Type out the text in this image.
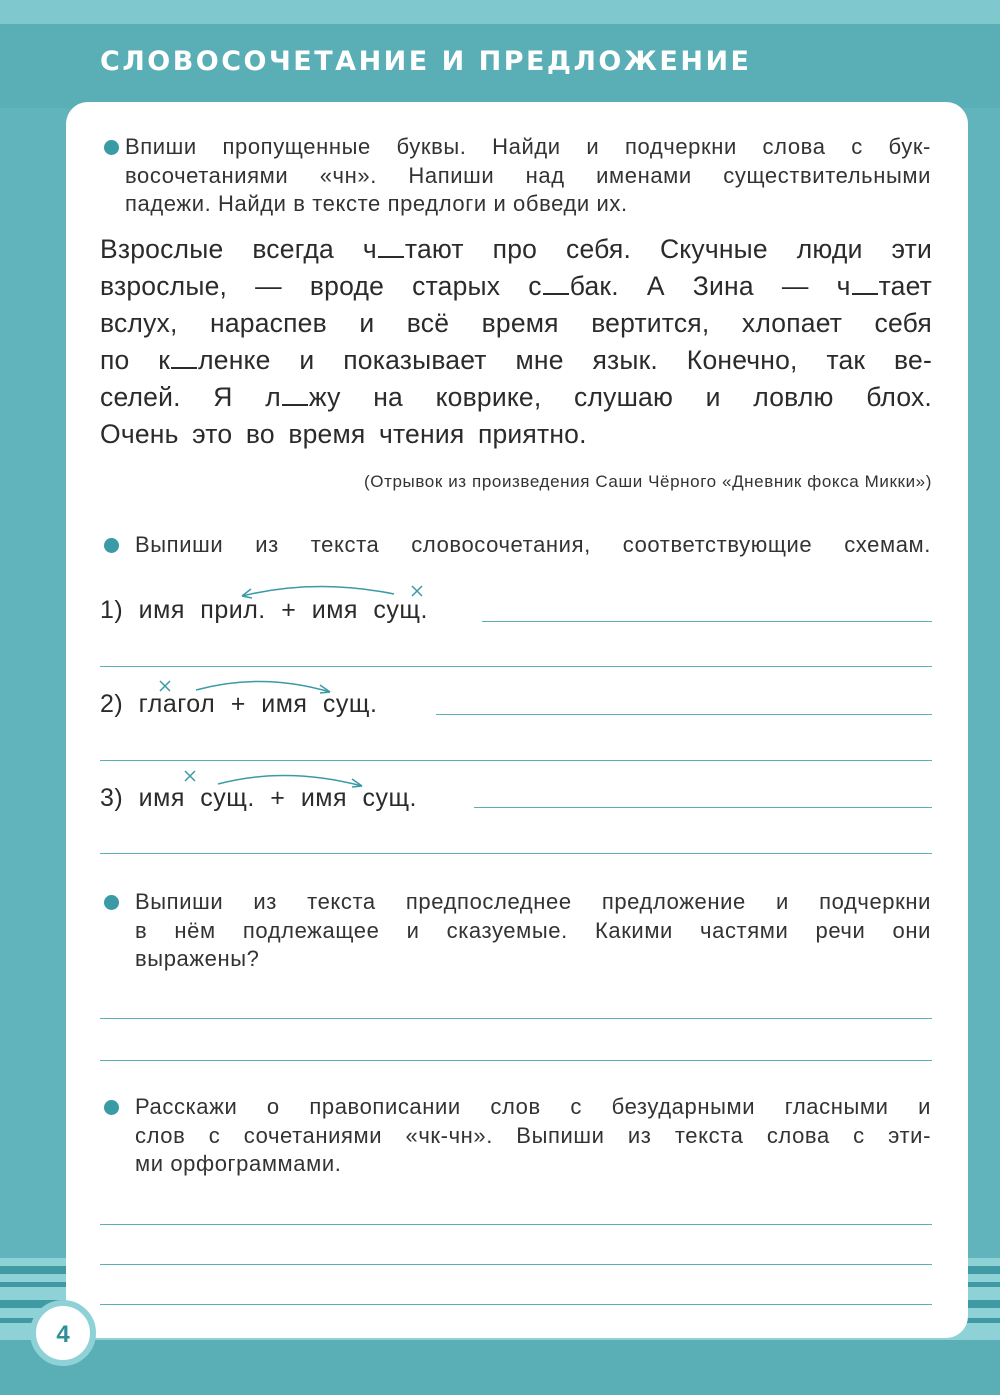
СЛОВОСОЧЕТАНИЕ И ПРЕДЛОЖЕНИЕ
Впиши пропущенные буквы. Найди и подчеркни слова с бук-
восочетаниями «чн». Напиши над именами существительными
падежи. Найди в тексте предлоги и обведи их.
Взрослые всегда ч тают про себя. Скучные люди эти
взрослые, — вроде старых с бак. А Зина — ч тает
вслух, нараспев и всё время вертится, хлопает себя
по к ленке и показывает мне язык. Конечно, так ве-
селей. Я л жу на коврике, слушаю и ловлю блох.
Очень это во время чтения приятно.
(Отрывок из произведения Саши Чёрного «Дневник фокса Микки»)
Выпиши из текста словосочетания, соответствующие схемам.
1) имя прил. + имя сущ.
2) глагол + имя сущ.
3) имя сущ. + имя сущ.
Выпиши из текста предпоследнее предложение и подчеркни
в нём подлежащее и сказуемые. Какими частями речи они
выражены?
Расскажи о правописании слов с безударными гласными и
слов с сочетаниями «чк-чн». Выпиши из текста слова с эти-
ми орфограммами.
4
